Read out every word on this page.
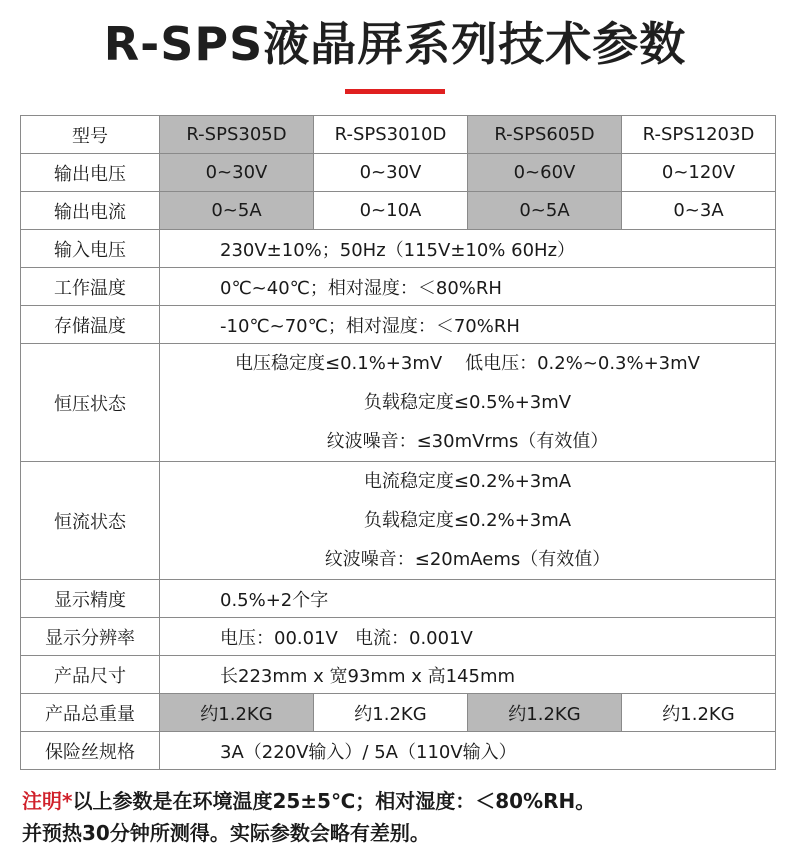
R-SPS液晶屏系列技术参数
型号	R-SPS305D	R-SPS3010D	R-SPS605D	R-SPS1203D
输出电压	0~30V	0~30V	0~60V	0~120V
输出电流	0~5A	0~10A	0~5A	0~3A
输入电压	230V±10%；50Hz（115V±10% 60Hz）			
工作温度	0℃~40℃；相对湿度：＜80%RH			
存储温度	-10℃~70℃；相对湿度：＜70%RH			
恒压状态	电压稳定度≤0.1%+3mV    低电压：0.2%~0.3%+3mV
负载稳定度≤0.5%+3mV
纹波噪音：≤30mVrms（有效值）			

恒流状态	电流稳定度≤0.2%+3mA
负载稳定度≤0.2%+3mA
纹波噪音：≤20mAems（有效值）			

显示精度	0.5%+2个字			
显示分辨率	电压：00.01V   电流：0.001V			
产品尺寸	长223mm x 宽93mm x 高145mm			
产品总重量	约1.2KG	约1.2KG	约1.2KG	约1.2KG
保险丝规格	3A（220V输入）/ 5A（110V输入）			
注明*以上参数是在环境温度25±5℃；相对湿度：＜80%RH。
并预热30分钟所测得。实际参数会略有差别。
